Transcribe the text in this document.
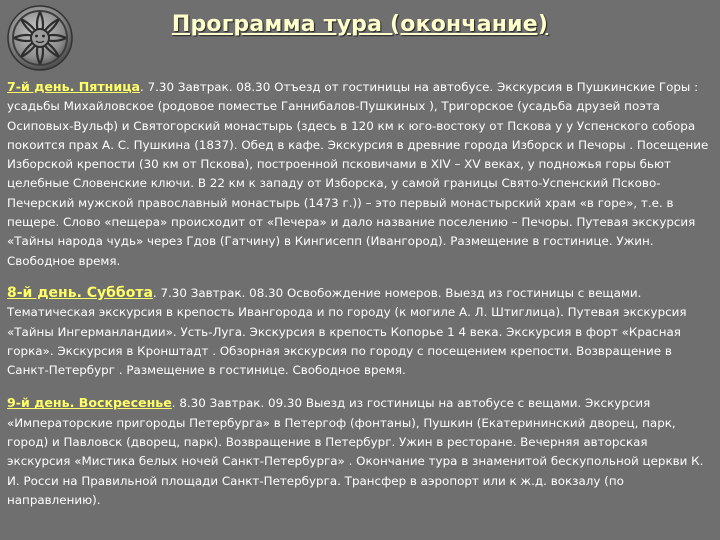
Программа тура (окончание)

7-й день. Пятница. 7.30 Завтрак. 08.30 Отъезд от гостиницы на автобусе. Экскурсия в Пушкинские Горы : усадьбы Михайловское (родовое поместье Ганнибалов-Пушкиных ), Тригорское (усадьба друзей поэта Осиповых-Вульф) и Святогорский монастырь (здесь в 120 км к юго-востоку от Пскова у у Успенского собора покоится прах А. С. Пушкина (1837). Обед в кафе. Экскурсия в древние города Изборск и Печоры . Посещение Изборской крепости (30 км от Пскова), построенной псковичами в XIV – XV веках, у подножья горы бьют целебные Словенские ключи. В 22 км к западу от Изборска, у самой границы Свято-Успенский Псково-Печерский мужской православный монастырь (1473 г.)) – это первый монастырский храм «в горе», т.е. в пещере. Слово «пещера» происходит от «Печера» и дало название поселению – Печоры. Путевая экскурсия «Тайны народа чудь» через Гдов (Гатчину) в Кингисепп (Ивангород). Размещение в гостинице. Ужин. Свободное время.

8-й день. Суббота. 7.30 Завтрак. 08.30 Освобождение номеров. Выезд из гостиницы с вещами. Тематическая экскурсия в крепость Ивангорода и по городу (к могиле А. Л. Штиглица). Путевая экскурсия «Тайны Ингерманландии». Усть-Луга. Экскурсия в крепость Копорье 1 4 века. Экскурсия в форт «Красная горка». Экскурсия в Кронштадт . Обзорная экскурсия по городу с посещением крепости. Возвращение в Санкт-Петербург . Размещение в гостинице. Свободное время.

9-й день. Воскресенье. 8.30 Завтрак. 09.30 Выезд из гостиницы на автобусе с вещами. Экскурсия «Императорские пригороды Петербурга» в Петергоф (фонтаны), Пушкин (Екатерининский дворец, парк, город) и Павловск (дворец, парк). Возвращение в Петербург. Ужин в ресторане. Вечерняя авторская экскурсия «Мистика белых ночей Санкт-Петербурга» . Окончание тура в знаменитой бескупольной церкви К. И. Росси на Правильной площади Санкт-Петербурга. Трансфер в аэропорт или к ж.д. вокзалу (по направлению).
